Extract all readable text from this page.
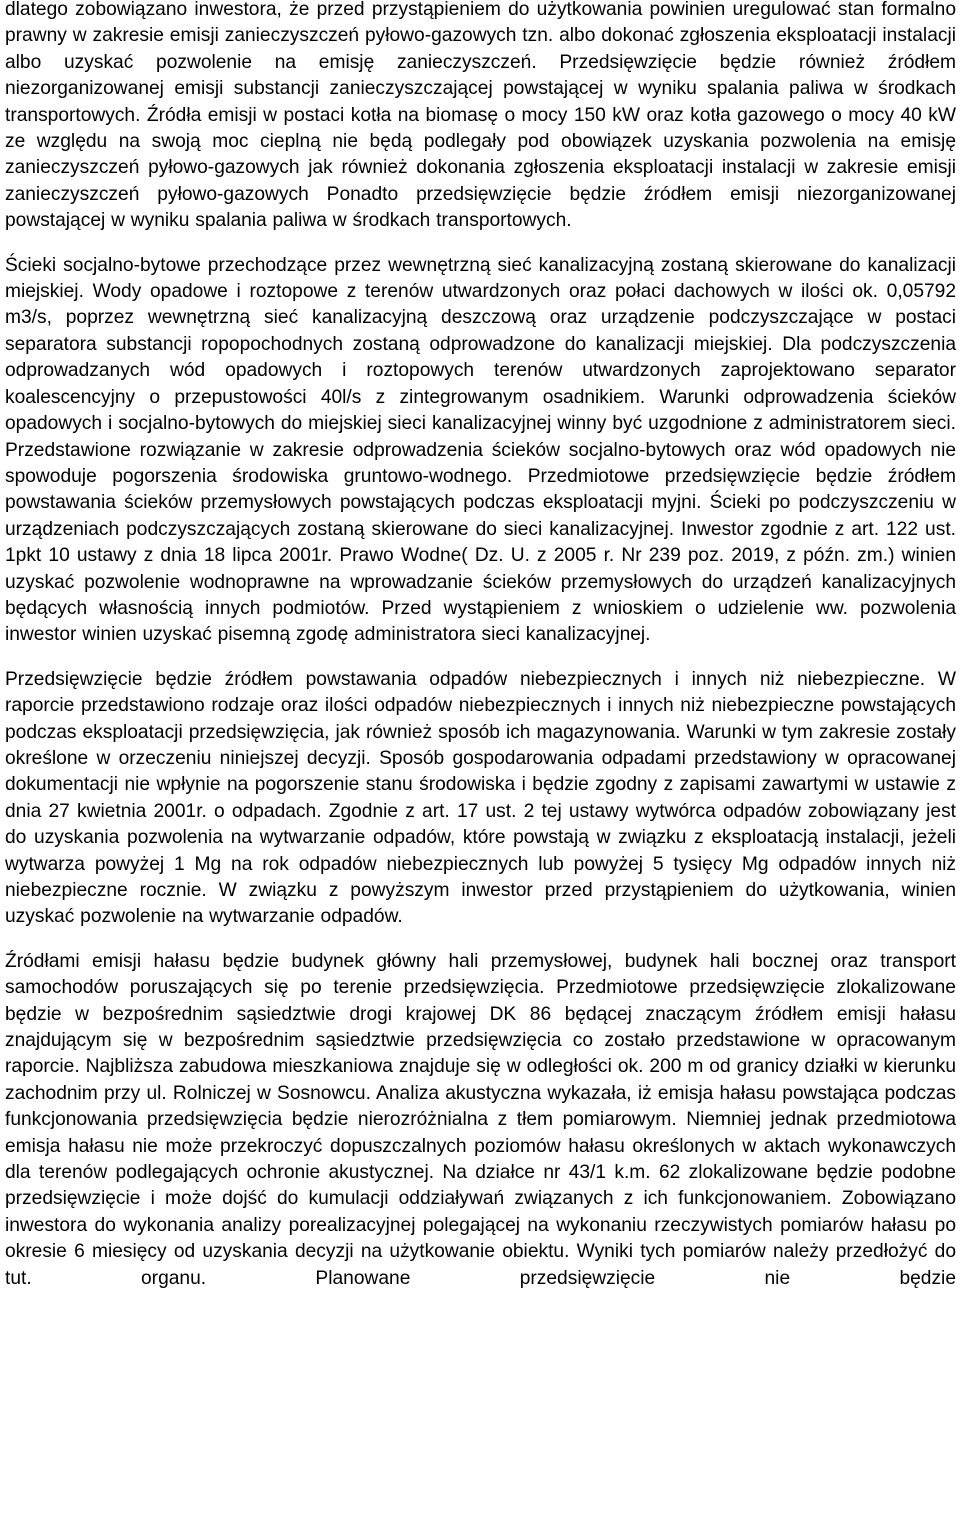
dlatego zobowiązano inwestora, że przed przystąpieniem do użytkowania powinien uregulować stan formalno prawny w zakresie emisji zanieczyszczeń pyłowo-gazowych tzn. albo dokonać zgłoszenia eksploatacji instalacji albo uzyskać pozwolenie na emisję zanieczyszczeń. Przedsięwzięcie będzie również źródłem niezorganizowanej emisji substancji zanieczyszczającej powstającej w wyniku spalania paliwa w środkach transportowych. Źródła emisji w postaci kotła na biomasę o mocy 150 kW oraz kotła gazowego o mocy 40 kW ze względu na swoją moc cieplną nie będą podlegały pod obowiązek uzyskania pozwolenia na emisję zanieczyszczeń pyłowo-gazowych jak również dokonania zgłoszenia eksploatacji instalacji w zakresie emisji zanieczyszczeń pyłowo-gazowych Ponadto przedsięwzięcie będzie źródłem emisji niezorganizowanej powstającej w wyniku spalania paliwa w środkach transportowych.

Ścieki socjalno-bytowe przechodzące przez wewnętrzną sieć kanalizacyjną zostaną skierowane do kanalizacji miejskiej. Wody opadowe i roztopowe z terenów utwardzonych oraz połaci dachowych w ilości ok. 0,05792 m3/s, poprzez wewnętrzną sieć kanalizacyjną deszczową oraz urządzenie podczyszczające w postaci separatora substancji ropopochodnych zostaną odprowadzone do kanalizacji miejskiej. Dla podczyszczenia odprowadzanych wód opadowych i roztopowych terenów utwardzonych zaprojektowano separator koalescencyjny o przepustowości 40l/s z zintegrowanym osadnikiem. Warunki odprowadzenia ścieków opadowych i socjalno-bytowych do miejskiej sieci kanalizacyjnej winny być uzgodnione z administratorem sieci. Przedstawione rozwiązanie w zakresie odprowadzenia ścieków socjalno-bytowych oraz wód opadowych nie spowoduje pogorszenia środowiska gruntowo-wodnego. Przedmiotowe przedsięwzięcie będzie źródłem powstawania ścieków przemysłowych powstających podczas eksploatacji myjni. Ścieki po podczyszczeniu w urządzeniach podczyszczających zostaną skierowane do sieci kanalizacyjnej. Inwestor zgodnie z art. 122 ust. 1pkt 10 ustawy z dnia 18 lipca 2001r. Prawo Wodne( Dz. U. z 2005 r. Nr 239 poz. 2019, z późn. zm.) winien uzyskać pozwolenie wodnoprawne na wprowadzanie ścieków przemysłowych do urządzeń kanalizacyjnych będących własnością innych podmiotów. Przed wystąpieniem z wnioskiem o udzielenie ww. pozwolenia inwestor winien uzyskać pisemną zgodę administratora sieci kanalizacyjnej.

Przedsięwzięcie będzie źródłem powstawania odpadów niebezpiecznych i innych niż niebezpieczne. W raporcie przedstawiono rodzaje oraz ilości odpadów niebezpiecznych i innych niż niebezpieczne powstających podczas eksploatacji przedsięwzięcia, jak również sposób ich magazynowania. Warunki w tym zakresie zostały określone w orzeczeniu niniejszej decyzji. Sposób gospodarowania odpadami przedstawiony w opracowanej dokumentacji nie wpłynie na pogorszenie stanu środowiska i będzie zgodny z zapisami zawartymi w ustawie z dnia 27 kwietnia 2001r. o odpadach. Zgodnie z art. 17 ust. 2 tej ustawy wytwórca odpadów zobowiązany jest do uzyskania pozwolenia na wytwarzanie odpadów, które powstają w związku z eksploatacją instalacji, jeżeli wytwarza powyżej 1 Mg na rok odpadów niebezpiecznych lub powyżej 5 tysięcy Mg odpadów innych niż niebezpieczne rocznie. W związku z powyższym inwestor przed przystąpieniem do użytkowania, winien uzyskać pozwolenie na wytwarzanie odpadów.

Źródłami emisji hałasu będzie budynek główny hali przemysłowej, budynek hali bocznej oraz transport samochodów poruszających się po terenie przedsięwzięcia. Przedmiotowe przedsięwzięcie zlokalizowane będzie w bezpośrednim sąsiedztwie drogi krajowej DK 86 będącej znaczącym źródłem emisji hałasu znajdującym się w bezpośrednim sąsiedztwie przedsięwzięcia co zostało przedstawione w opracowanym raporcie. Najbliższa zabudowa mieszkaniowa znajduje się w odległości ok. 200 m od granicy działki w kierunku zachodnim przy ul. Rolniczej w Sosnowcu. Analiza akustyczna wykazała, iż emisja hałasu powstająca podczas funkcjonowania przedsięwzięcia będzie nierozróżnialna z tłem pomiarowym. Niemniej jednak przedmiotowa emisja hałasu nie może przekroczyć dopuszczalnych poziomów hałasu określonych w aktach wykonawczych dla terenów podlegających ochronie akustycznej. Na działce nr 43/1 k.m. 62 zlokalizowane będzie podobne przedsięwzięcie i może dojść do kumulacji oddziaływań związanych z ich funkcjonowaniem. Zobowiązano inwestora do wykonania analizy porealizacyjnej polegającej na wykonaniu rzeczywistych pomiarów hałasu po okresie 6 miesięcy od uzyskania decyzji na użytkowanie obiektu. Wyniki tych pomiarów należy przedłożyć do tut. organu. Planowane przedsięwzięcie nie będzie
